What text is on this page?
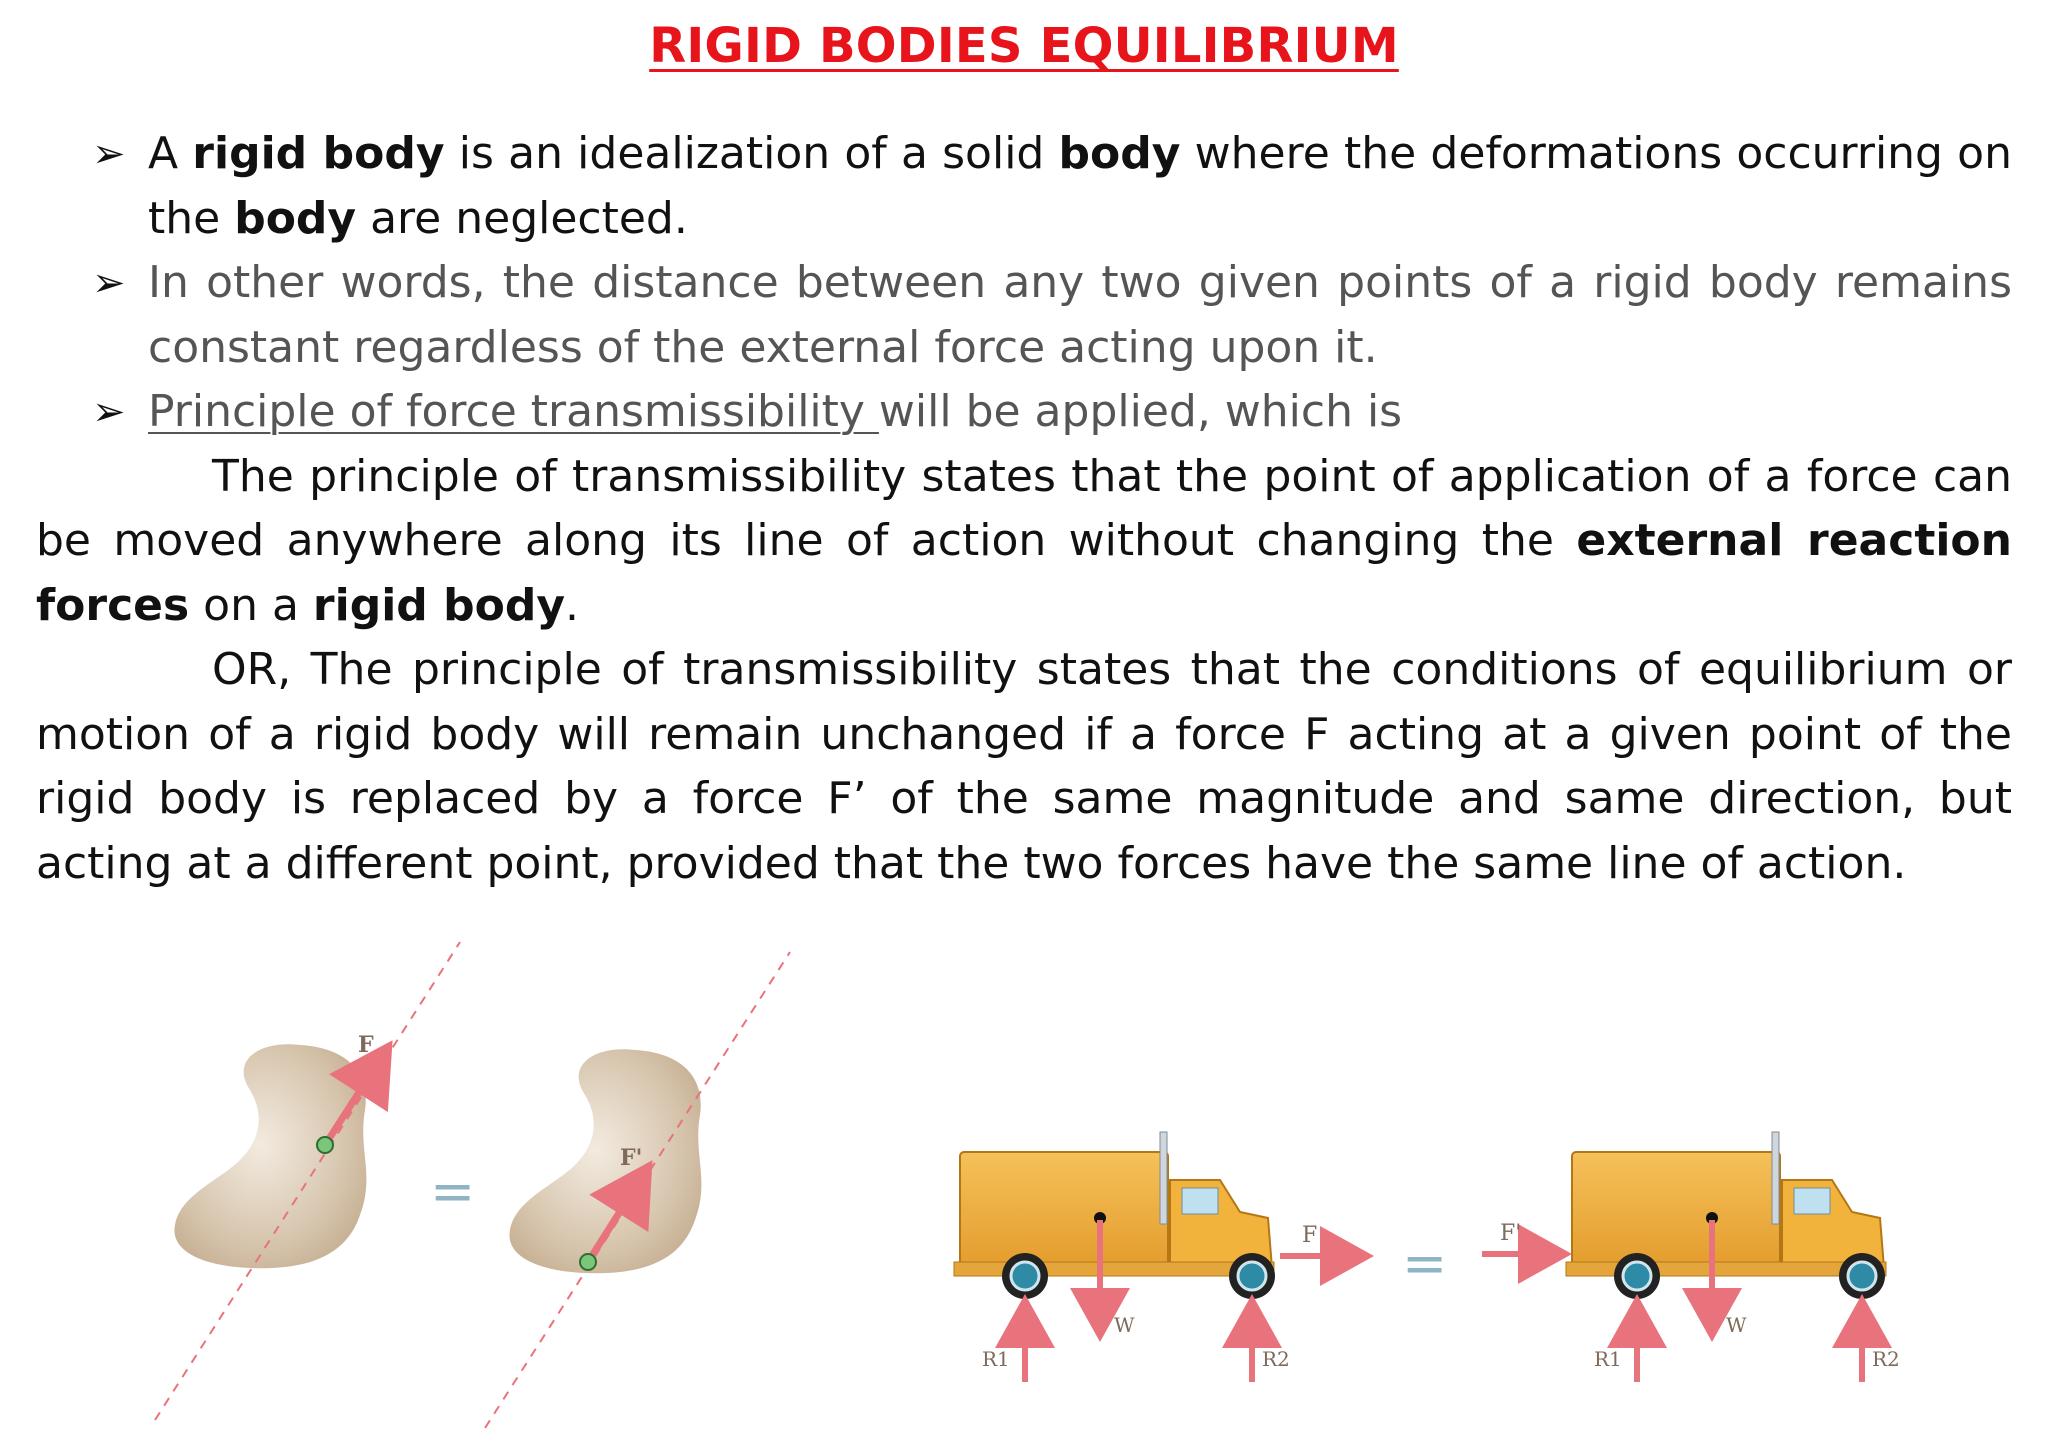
RIGID BODIES EQUILIBRIUM
➢ A rigid body is an idealization of a solid body where the deformations occurring on the body are neglected.
➢ In other words, the distance between any two given points of a rigid body remains constant regardless of the external force acting upon it.
➢ Principle of force transmissibility will be applied, which is
The principle of transmissibility states that the point of application of a force can be moved anywhere along its line of action without changing the external reaction forces on a rigid body.
OR, The principle of transmissibility states that the conditions of equilibrium or motion of a rigid body will remain unchanged if a force F acting at a given point of the rigid body is replaced by a force F’ of the same magnitude and same direction, but acting at a different point, provided that the two forces have the same line of action.
F
=
F'
F
W
R1	R2
= F'
W
R1	R2
